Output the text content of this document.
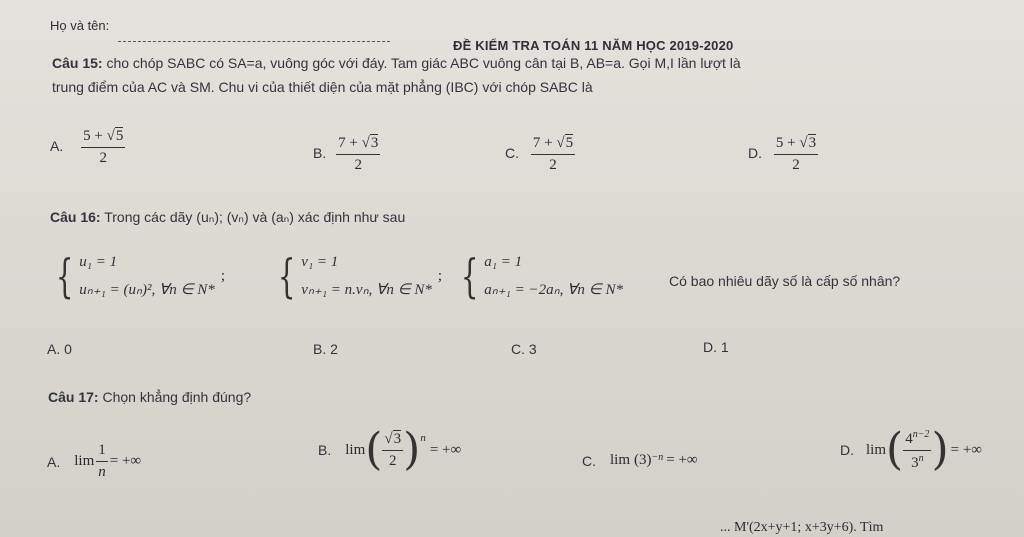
Họ và tên:
ĐỀ KIỂM TRA TOÁN 11 NĂM HỌC 2019-2020
Câu 15: cho chóp SABC có SA=a, vuông góc với đáy. Tam giác ABC vuông cân tại B, AB=a. Gọi M,I lần lượt là
trung điểm của AC và SM. Chu vi của thiết diện của mặt phẳng (IBC) với chóp SABC là
A. $\frac{5 + √5}{2}$	B. $\frac{7 + √3}{2}$	C. $\frac{7 + √5}{2}$	D. $\frac{5 + √3}{2}$
Câu 16: Trong các dãy (uₙ); (vₙ) và (aₙ) xác định như sau
{ u₁ = 1
uₙ₊₁ = (uₙ)², ∀n ∈ N*
; { v₁ = 1
vₙ₊₁ = n.vₙ, ∀n ∈ N*
; { a₁ = 1
aₙ₊₁ = −2aₙ, ∀n ∈ N*
Có bao nhiêu dãy số là cấp số nhân?
A. 0	B. 2	C. 3	D. 1
Câu 17: Chọn khẳng định đúng?
A. $\lim \frac{1}{n}$ = +∞
B. lim ( $\frac{√3}{2}$ ) n
= +∞
C. lim (3) −n = +∞
D. lim ( $\frac{4^{n-2}}{3^n}$ ) = +∞
... M'(2x+y+1; x+3y+6). Tìm
